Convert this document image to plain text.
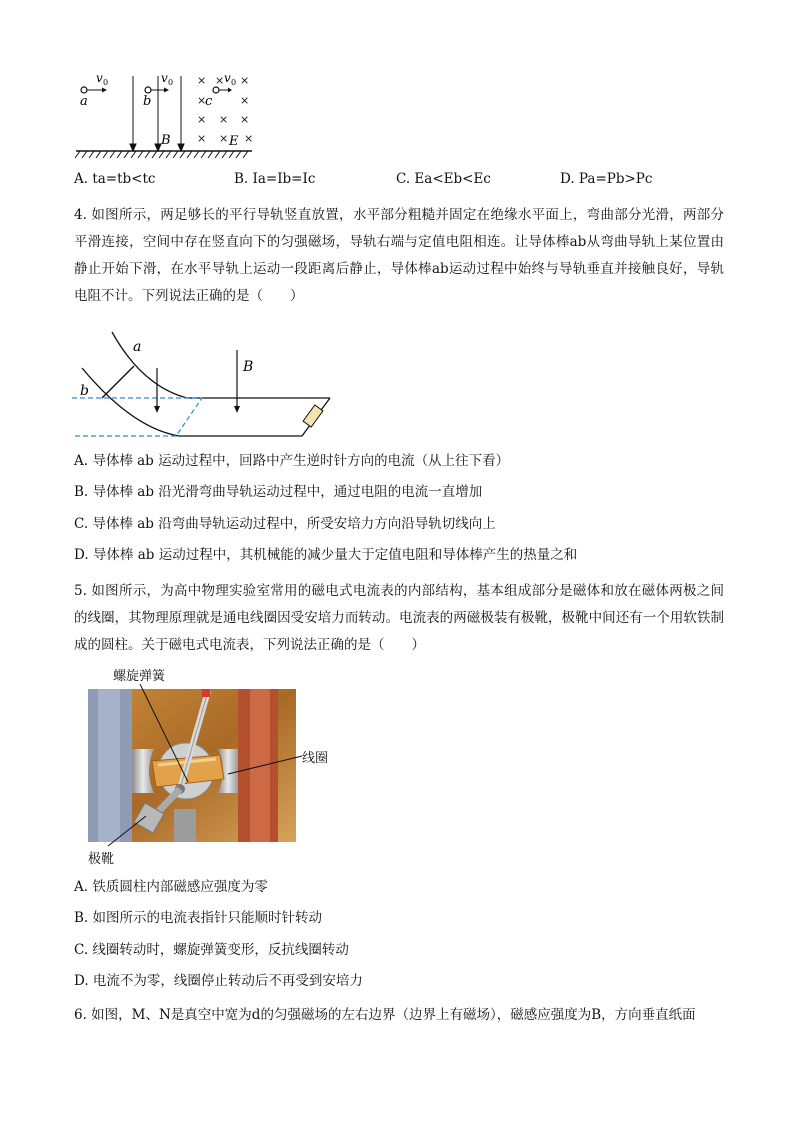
a
v 0
b
v 0
B
× × ×
×	×
× × ×
× × ×
c
v 0
E
A. ta=tb<tc	B. Ia=Ib=Ic	C. Ea<Eb<Ec	D. Pa=Pb>Pc
4. 如图所示，两足够长的平行导轨竖直放置，水平部分粗糙并固定在绝缘水平面上，弯曲部分光滑，两部分平滑连接，空间中存在竖直向下的匀强磁场，导轨右端与定值电阻相连。让导体棒ab从弯曲导轨上某位置由静止开始下滑，在水平导轨上运动一段距离后静止，导体棒ab运动过程中始终与导轨垂直并接触良好，导轨电阻不计。下列说法正确的是（　　）
a
b
B
A. 导体棒 ab 运动过程中，回路中产生逆时针方向的电流（从上往下看）
B. 导体棒 ab 沿光滑弯曲导轨运动过程中，通过电阻的电流一直增加
C. 导体棒 ab 沿弯曲导轨运动过程中，所受安培力方向沿导轨切线向上
D. 导体棒 ab 运动过程中，其机械能的减少量大于定值电阻和导体棒产生的热量之和
5. 如图所示，为高中物理实验室常用的磁电式电流表的内部结构，基本组成部分是磁体和放在磁体两极之间的线圈，其物理原理就是通电线圈因受安培力而转动。电流表的两磁极装有极靴，极靴中间还有一个用软铁制成的圆柱。关于磁电式电流表，下列说法正确的是（　　）
螺旋弹簧
线圈
极靴
A. 铁质圆柱内部磁感应强度为零
B. 如图所示的电流表指针只能顺时针转动
C. 线圈转动时，螺旋弹簧变形，反抗线圈转动
D. 电流不为零，线圈停止转动后不再受到安培力
6. 如图，M、N是真空中宽为d的匀强磁场的左右边界（边界上有磁场），磁感应强度为B，方向垂直纸面
